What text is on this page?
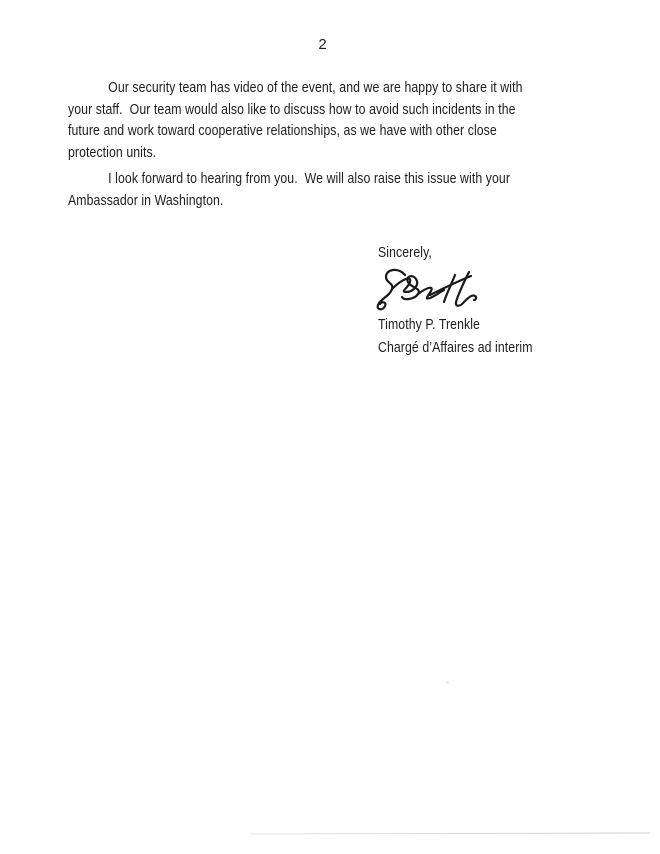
2
Our security team has video of the event, and we are happy to share it with
your staff.  Our team would also like to discuss how to avoid such incidents in the
future and work toward cooperative relationships, as we have with other close
protection units.
I look forward to hearing from you.  We will also raise this issue with your
Ambassador in Washington.
Sincerely,
Timothy P. Trenkle
Chargé d’Affaires ad interim
